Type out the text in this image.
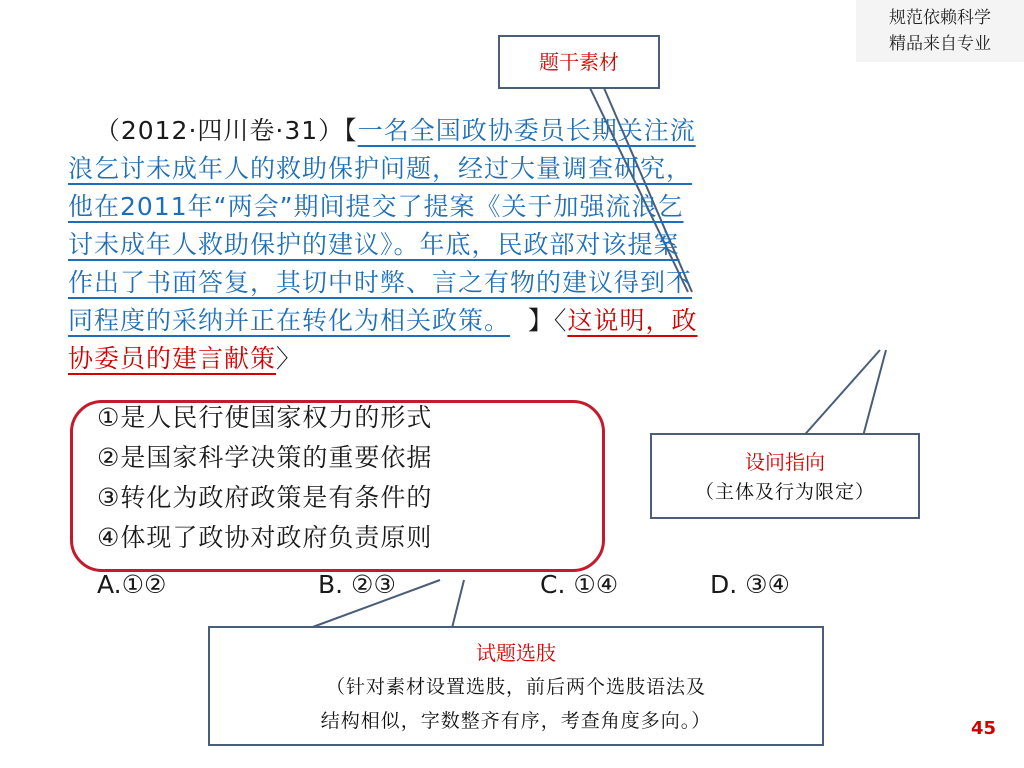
规范依赖科学
精品来自专业
题干素材
（2012·四川卷·31）【一名全国政协委员长期关注流
浪乞讨未成年人的救助保护问题，经过大量调查研究，
他在2011年“两会”期间提交了提案《关于加强流浪乞
讨未成年人救助保护的建议》。年底，民政部对该提案
作出了书面答复，其切中时弊、言之有物的建议得到不
同程度的采纳并正在转化为相关政策。 】〈这说明，政
协委员的建言献策〉
①是人民行使国家权力的形式
②是国家科学决策的重要依据
③转化为政府政策是有条件的
④体现了政协对政府负责原则
A.①②	B. ②③	C. ①④	D. ③④
设问指向
（主体及行为限定）
试题选肢
（针对素材设置选肢，前后两个选肢语法及
结构相似，字数整齐有序，考查角度多向。）	45
